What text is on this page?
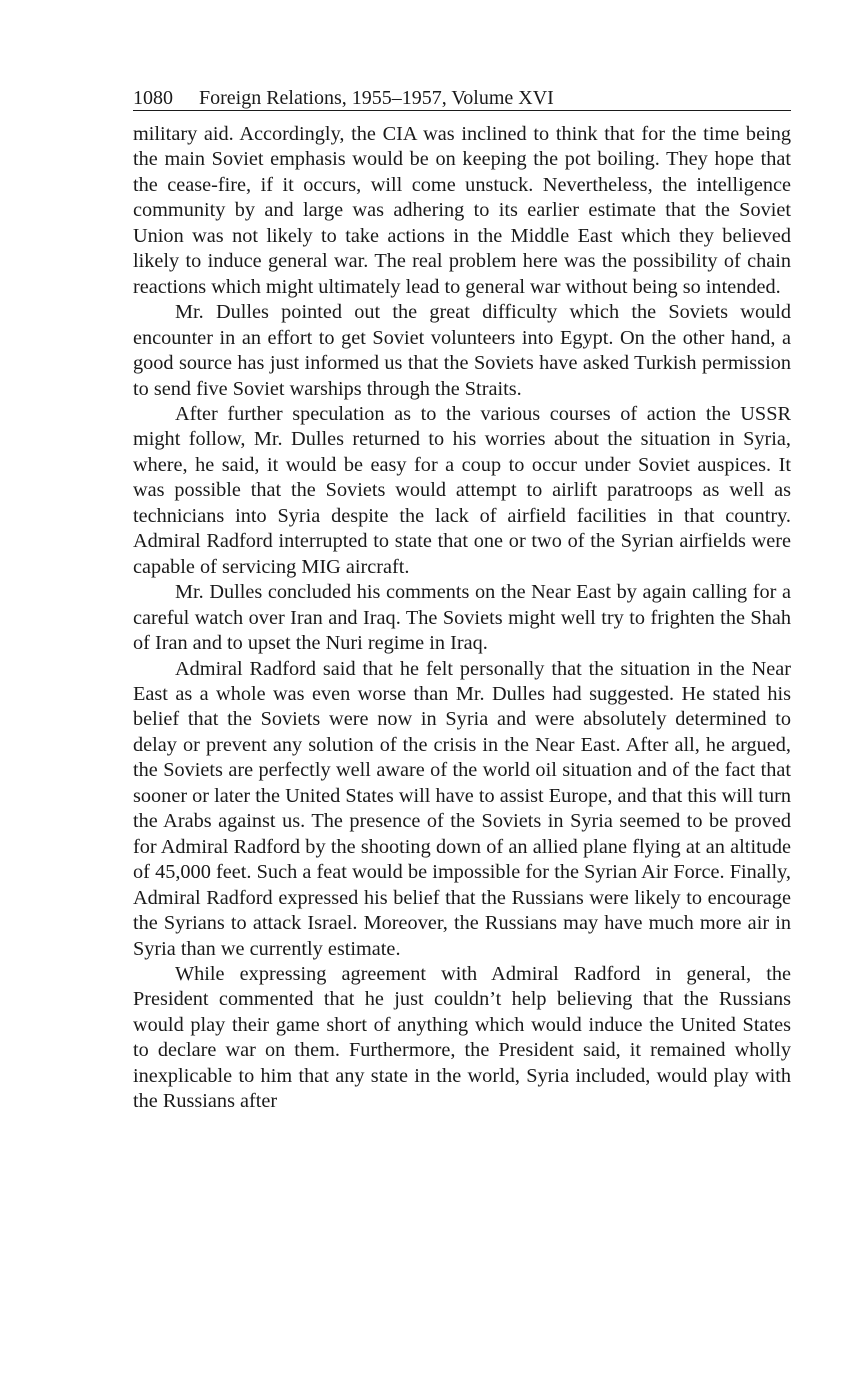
1080 Foreign Relations, 1955–1957, Volume XVI

military aid. Accordingly, the CIA was inclined to think that for the time being the main Soviet emphasis would be on keeping the pot boiling. They hope that the cease-fire, if it occurs, will come unstuck. Nevertheless, the intelligence community by and large was adhering to its earlier estimate that the Soviet Union was not likely to take actions in the Middle East which they believed likely to induce general war. The real problem here was the possibility of chain reactions which might ultimately lead to general war without being so intended.

Mr. Dulles pointed out the great difficulty which the Soviets would encounter in an effort to get Soviet volunteers into Egypt. On the other hand, a good source has just informed us that the Soviets have asked Turkish permission to send five Soviet warships through the Straits.

After further speculation as to the various courses of action the USSR might follow, Mr. Dulles returned to his worries about the situation in Syria, where, he said, it would be easy for a coup to occur under Soviet auspices. It was possible that the Soviets would attempt to airlift paratroops as well as technicians into Syria despite the lack of airfield facilities in that country. Admiral Radford interrupted to state that one or two of the Syrian airfields were capable of servicing MIG aircraft.

Mr. Dulles concluded his comments on the Near East by again calling for a careful watch over Iran and Iraq. The Soviets might well try to frighten the Shah of Iran and to upset the Nuri regime in Iraq.

Admiral Radford said that he felt personally that the situation in the Near East as a whole was even worse than Mr. Dulles had suggested. He stated his belief that the Soviets were now in Syria and were absolutely determined to delay or prevent any solution of the crisis in the Near East. After all, he argued, the Soviets are perfectly well aware of the world oil situation and of the fact that sooner or later the United States will have to assist Europe, and that this will turn the Arabs against us. The presence of the Soviets in Syria seemed to be proved for Admiral Radford by the shooting down of an allied plane flying at an altitude of 45,000 feet. Such a feat would be impossible for the Syrian Air Force. Finally, Admiral Radford expressed his belief that the Russians were likely to encourage the Syrians to attack Israel. Moreover, the Russians may have much more air in Syria than we currently estimate.

While expressing agreement with Admiral Radford in general, the President commented that he just couldn’t help believing that the Russians would play their game short of anything which would induce the United States to declare war on them. Furthermore, the President said, it remained wholly inexplicable to him that any state in the world, Syria included, would play with the Russians after
